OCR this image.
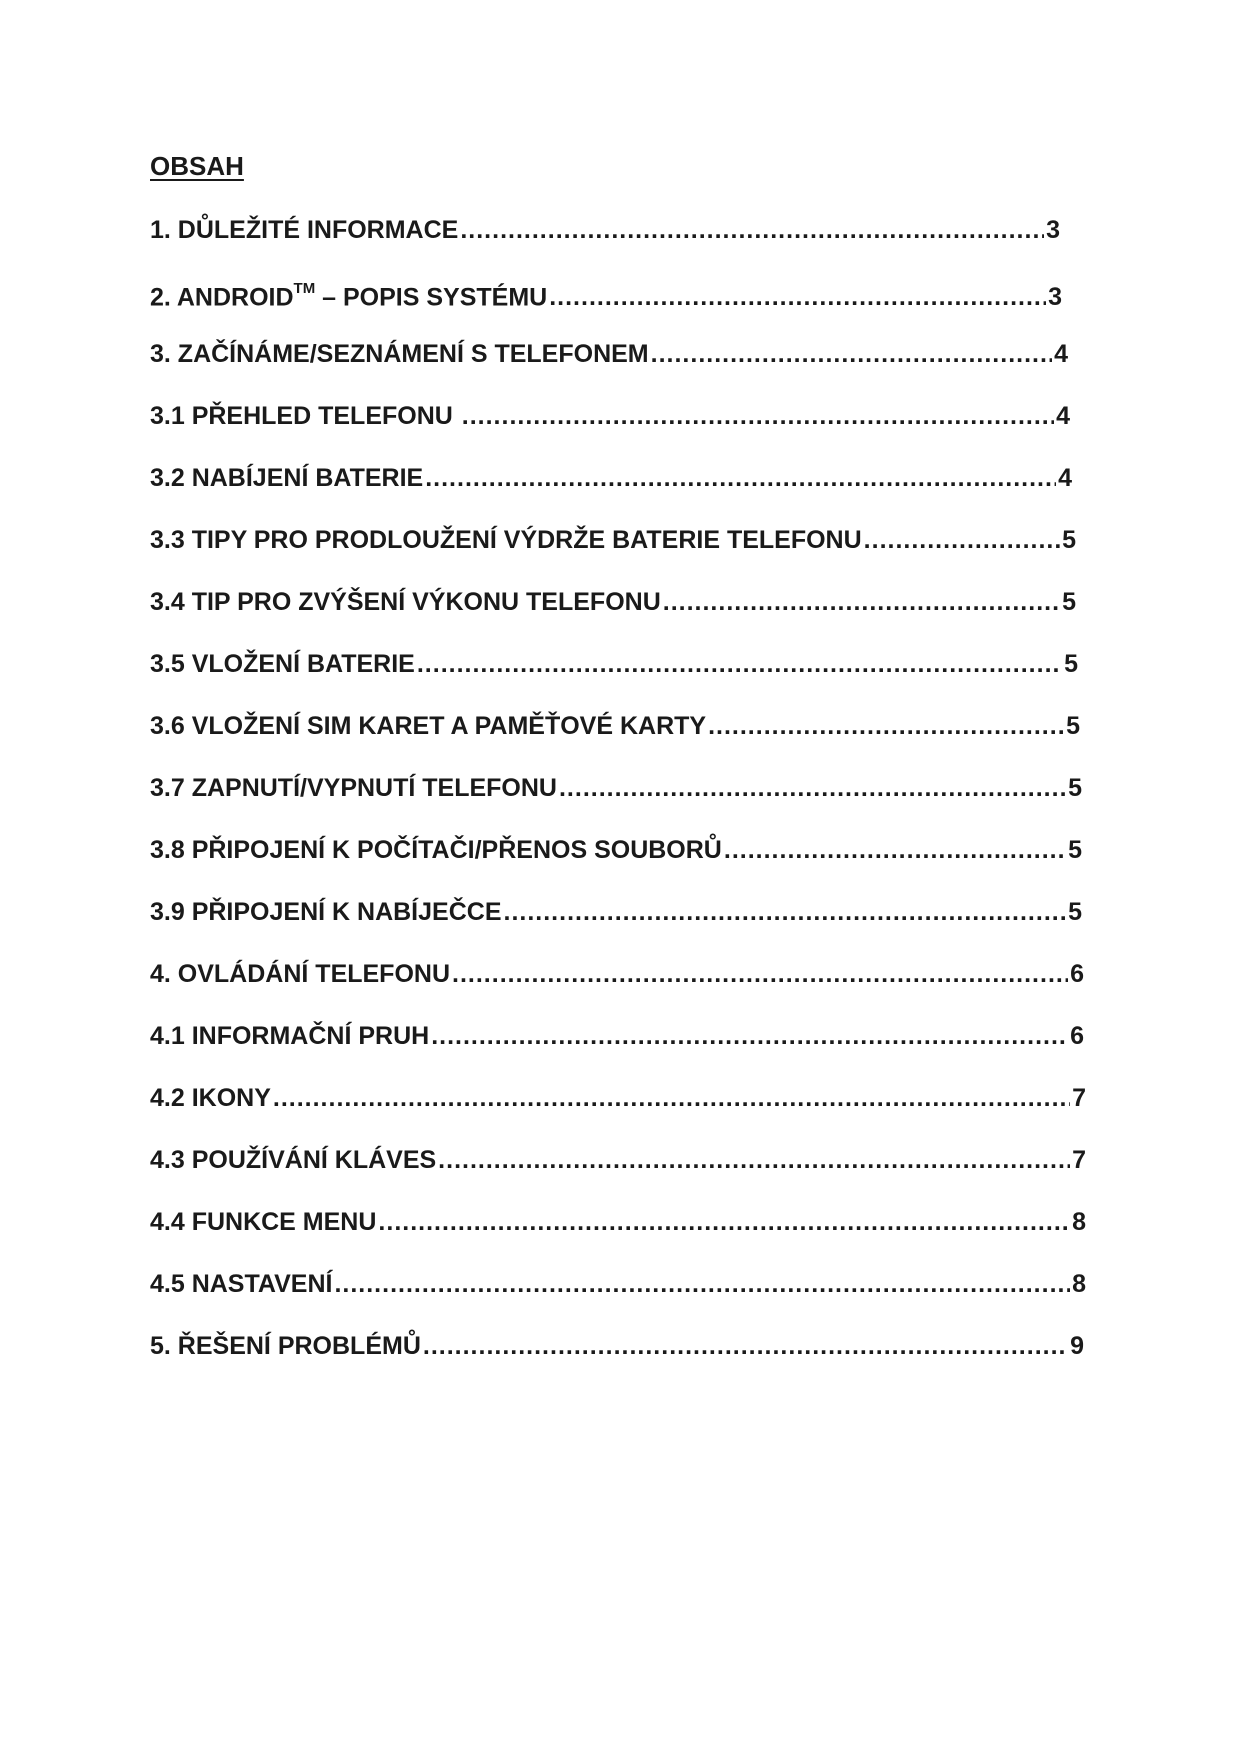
OBSAH
1. DŮLEŽITÉ INFORMACE .....	3
2. ANDROID™ – POPIS SYSTÉMU .....	3
3. ZAČÍNÁME/SEZNÁMENÍ S TELEFONEM .....	4
3.1 PŘEHLED TELEFONU .....	4
3.2 NABÍJENÍ BATERIE .....	4
3.3 TIPY PRO PRODLOUŽENÍ VÝDRŽE BATERIE TELEFONU .....	5
3.4 TIP PRO ZVÝŠENÍ VÝKONU TELEFONU .....	5
3.5 VLOŽENÍ BATERIE .....	5
3.6 VLOŽENÍ SIM KARET A PAMĚŤOVÉ KARTY .....	5
3.7 ZAPNUTÍ/VYPNUTÍ TELEFONU .....	5
3.8 PŘIPOJENÍ K POČÍTAČI/PŘENOS SOUBORŮ .....	5
3.9 PŘIPOJENÍ K NABÍJEČCE .....	5
4. OVLÁDÁNÍ TELEFONU .....	6
4.1 INFORMAČNÍ PRUH .....	6
4.2 IKONY .....	7
4.3 POUŽÍVÁNÍ KLÁVES .....	7
4.4 FUNKCE MENU .....	8
4.5 NASTAVENÍ .....	8
5. ŘEŠENÍ PROBLÉMŮ .....	9
